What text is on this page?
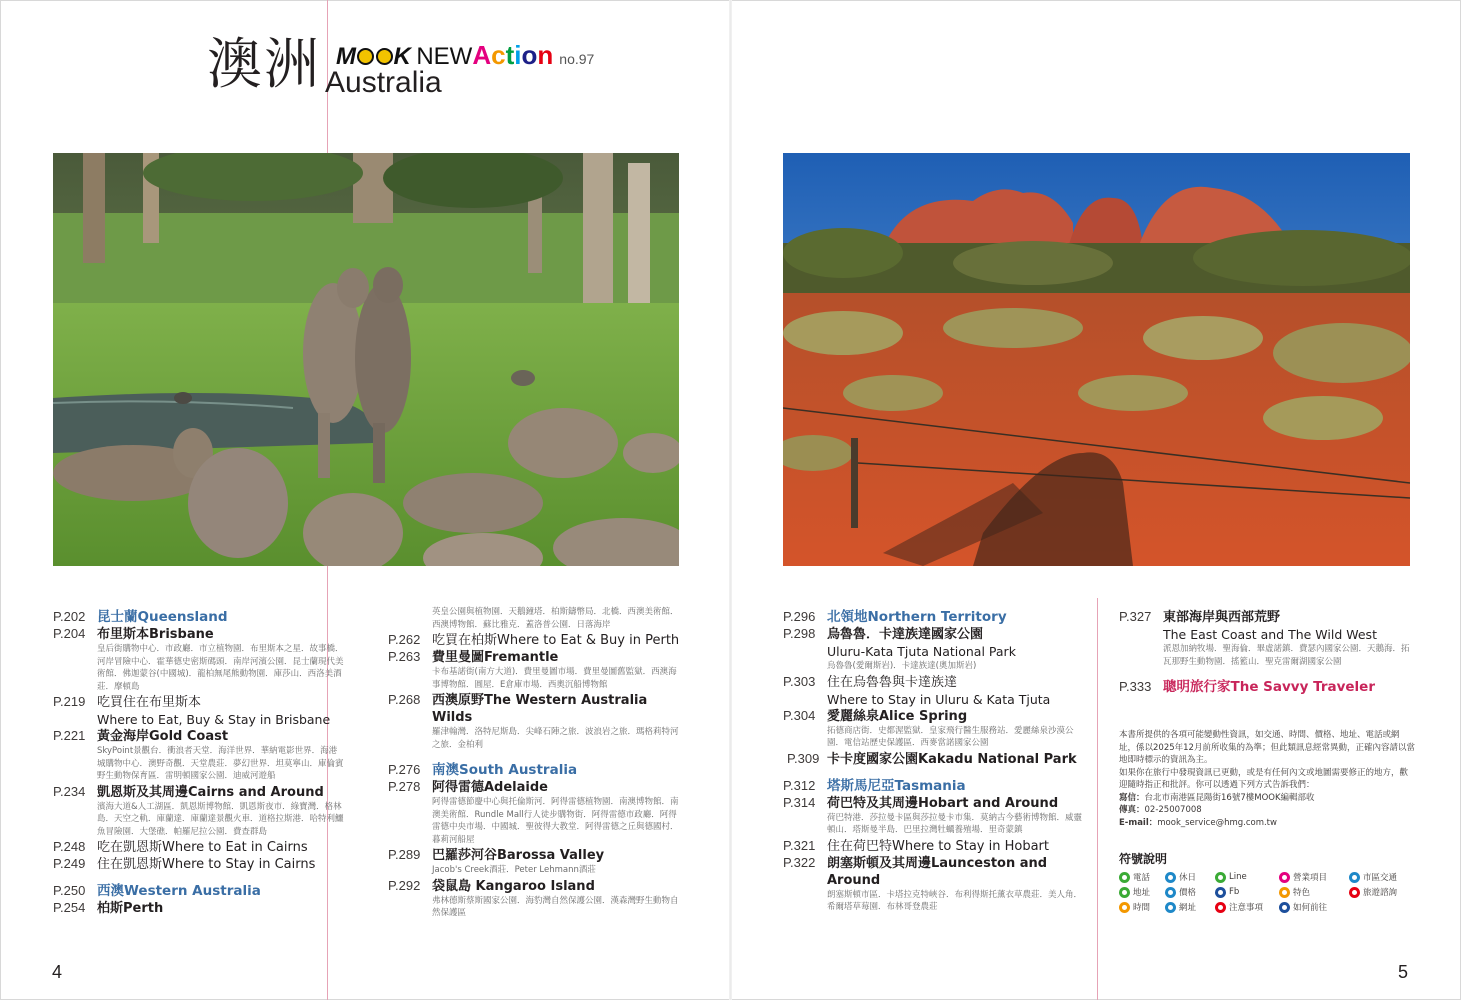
澳洲 Australia
M K NEW Action no.97
P.202 昆士蘭Queensland
P.204 布里斯本Brisbane
皇后街購物中心．市政廳．市立植物園．布里斯本之星．故事橋．河岸冒險中心．霍華德史密斯碼頭．南岸河濱公園．昆士蘭現代美術館．佛迦蒙谷(中國城)．龍柏無尾熊動物園．庫莎山．西洛美酒莊．摩頓島
P.219 吃買住在布里斯本
Where to Eat, Buy & Stay in Brisbane
P.221 黃金海岸Gold Coast
SkyPoint景觀台．衝浪者天堂．海洋世界．華納電影世界．海港城購物中心．澳野奇觀．天堂農莊．夢幻世界．坦莫寧山．庫倫賓野生動物保育區．雷明頓國家公園．迪威河遊船
P.234 凱恩斯及其周邊Cairns and Around
濱海大道&人工湖區．凱恩斯博物館．凱恩斯夜市．綠寶灣．格林島．天空之軌．庫蘭達．庫蘭達景觀火車．道格拉斯港．哈特利鱷魚冒險園．大堡礁．帕羅尼拉公園．費查群島
P.248 吃在凱恩斯Where to Eat in Cairns
P.249 住在凱恩斯Where to Stay in Cairns
P.250 西澳Western Australia
P.254 柏斯Perth
英皇公園與植物園．天鵝鐘塔．柏斯鑄幣局．北橋．西澳美術館．西澳博物館．蘇比雅克．蓋洛普公園．日落海岸
P.262 吃買在柏斯Where to Eat & Buy in Perth
P.263 費里曼圖Fremantle
卡布基諾街(南方大道)．費里曼圖市場．費里曼圖舊監獄．西澳海事博物館．圓屋．E倉庫市場．西奧沉船博物館
P.268 西澳原野The Western Australia Wilds
羅津翰灣．洛特尼斯島．尖峰石陣之旅．波浪岩之旅．瑪格莉特河之旅．金柏利
P.276 南澳South Australia
P.278 阿得雷德Adelaide
阿得雷德節慶中心與托倫斯河．阿得雷德植物園．南澳博物館．南澳美術館．Rundle Mall行人徒步購物街．阿得雷德市政廳．阿得雷德中央市場．中國城．聖彼得大教堂．阿得雷德之丘與德國村．暮莉河船屋
P.289 巴羅莎河谷Barossa Valley
Jacob's Creek酒莊．Peter Lehmann酒莊
P.292 袋鼠島 Kangaroo Island
弗林德斯蔡斯國家公園．海豹灣自然保護公園．漢森灣野生動物自然保護區
P.296 北領地Northern Territory
P.298 烏魯魯．卡達族達國家公園
Uluru-Kata Tjuta National Park
烏魯魯(愛爾斯岩)．卡達族達(奧加斯岩)
P.303 住在烏魯魯與卡達族達
Where to Stay in Uluru & Kata Tjuta
P.304 愛麗絲泉Alice Spring
拓德商店街．史都渥監獄．皇家飛行醫生服務站．愛麗絲泉沙漠公園．電信站歷史保護區．西麥當諾國家公園
P.309 卡卡度國家公園Kakadu National Park
P.312 塔斯馬尼亞Tasmania
P.314 荷巴特及其周邊Hobart and Around
荷巴特港．莎拉曼卡區與莎拉曼卡市集．莫納古今藝術博物館．威靈頓山．塔斯曼半島．巴里拉灣牡蠣養殖場．里奇蒙鎮
P.321 住在荷巴特Where to Stay in Hobart
P.322 朗塞斯頓及其周邊Launceston and Around
朗塞斯頓市區．卡塔拉克特峽谷．布利得斯托薰衣草農莊．美人角．希爾塔草莓園．布林哥登農莊
P.327 東部海岸與西部荒野
The East Coast and The Wild West
派恩加納牧場．聖海倫．畢虛諾鎮．費瑟內國家公園．天鵝海．拓瓦那野生動物園．搖籃山．聖克雷爾湖國家公園
P.333 聰明旅行家The Savvy Traveler
本書所提供的各項可能變動性資訊，如交通、時間、價格、地址、電話或網址，係以2025年12月前所收集的為準；但此類訊息經常異動，正確內容請以當地即時標示的資訊為主。
如果你在旅行中發現資訊已更動，或是有任何內文或地圖需要修正的地方，歡迎隨時指正和批評。你可以透過下列方式告訴我們：
寫信：台北市南港區昆陽街16號7樓MOOK編輯部收
傳真：02-25007008
E-mail：mook_service@hmg.com.tw
符號說明
電話	休日	Line	營業項目	市區交通
地址	價格	Fb	特色	旅遊諮詢
時間	網址	注意事項	如何前往
4	5
